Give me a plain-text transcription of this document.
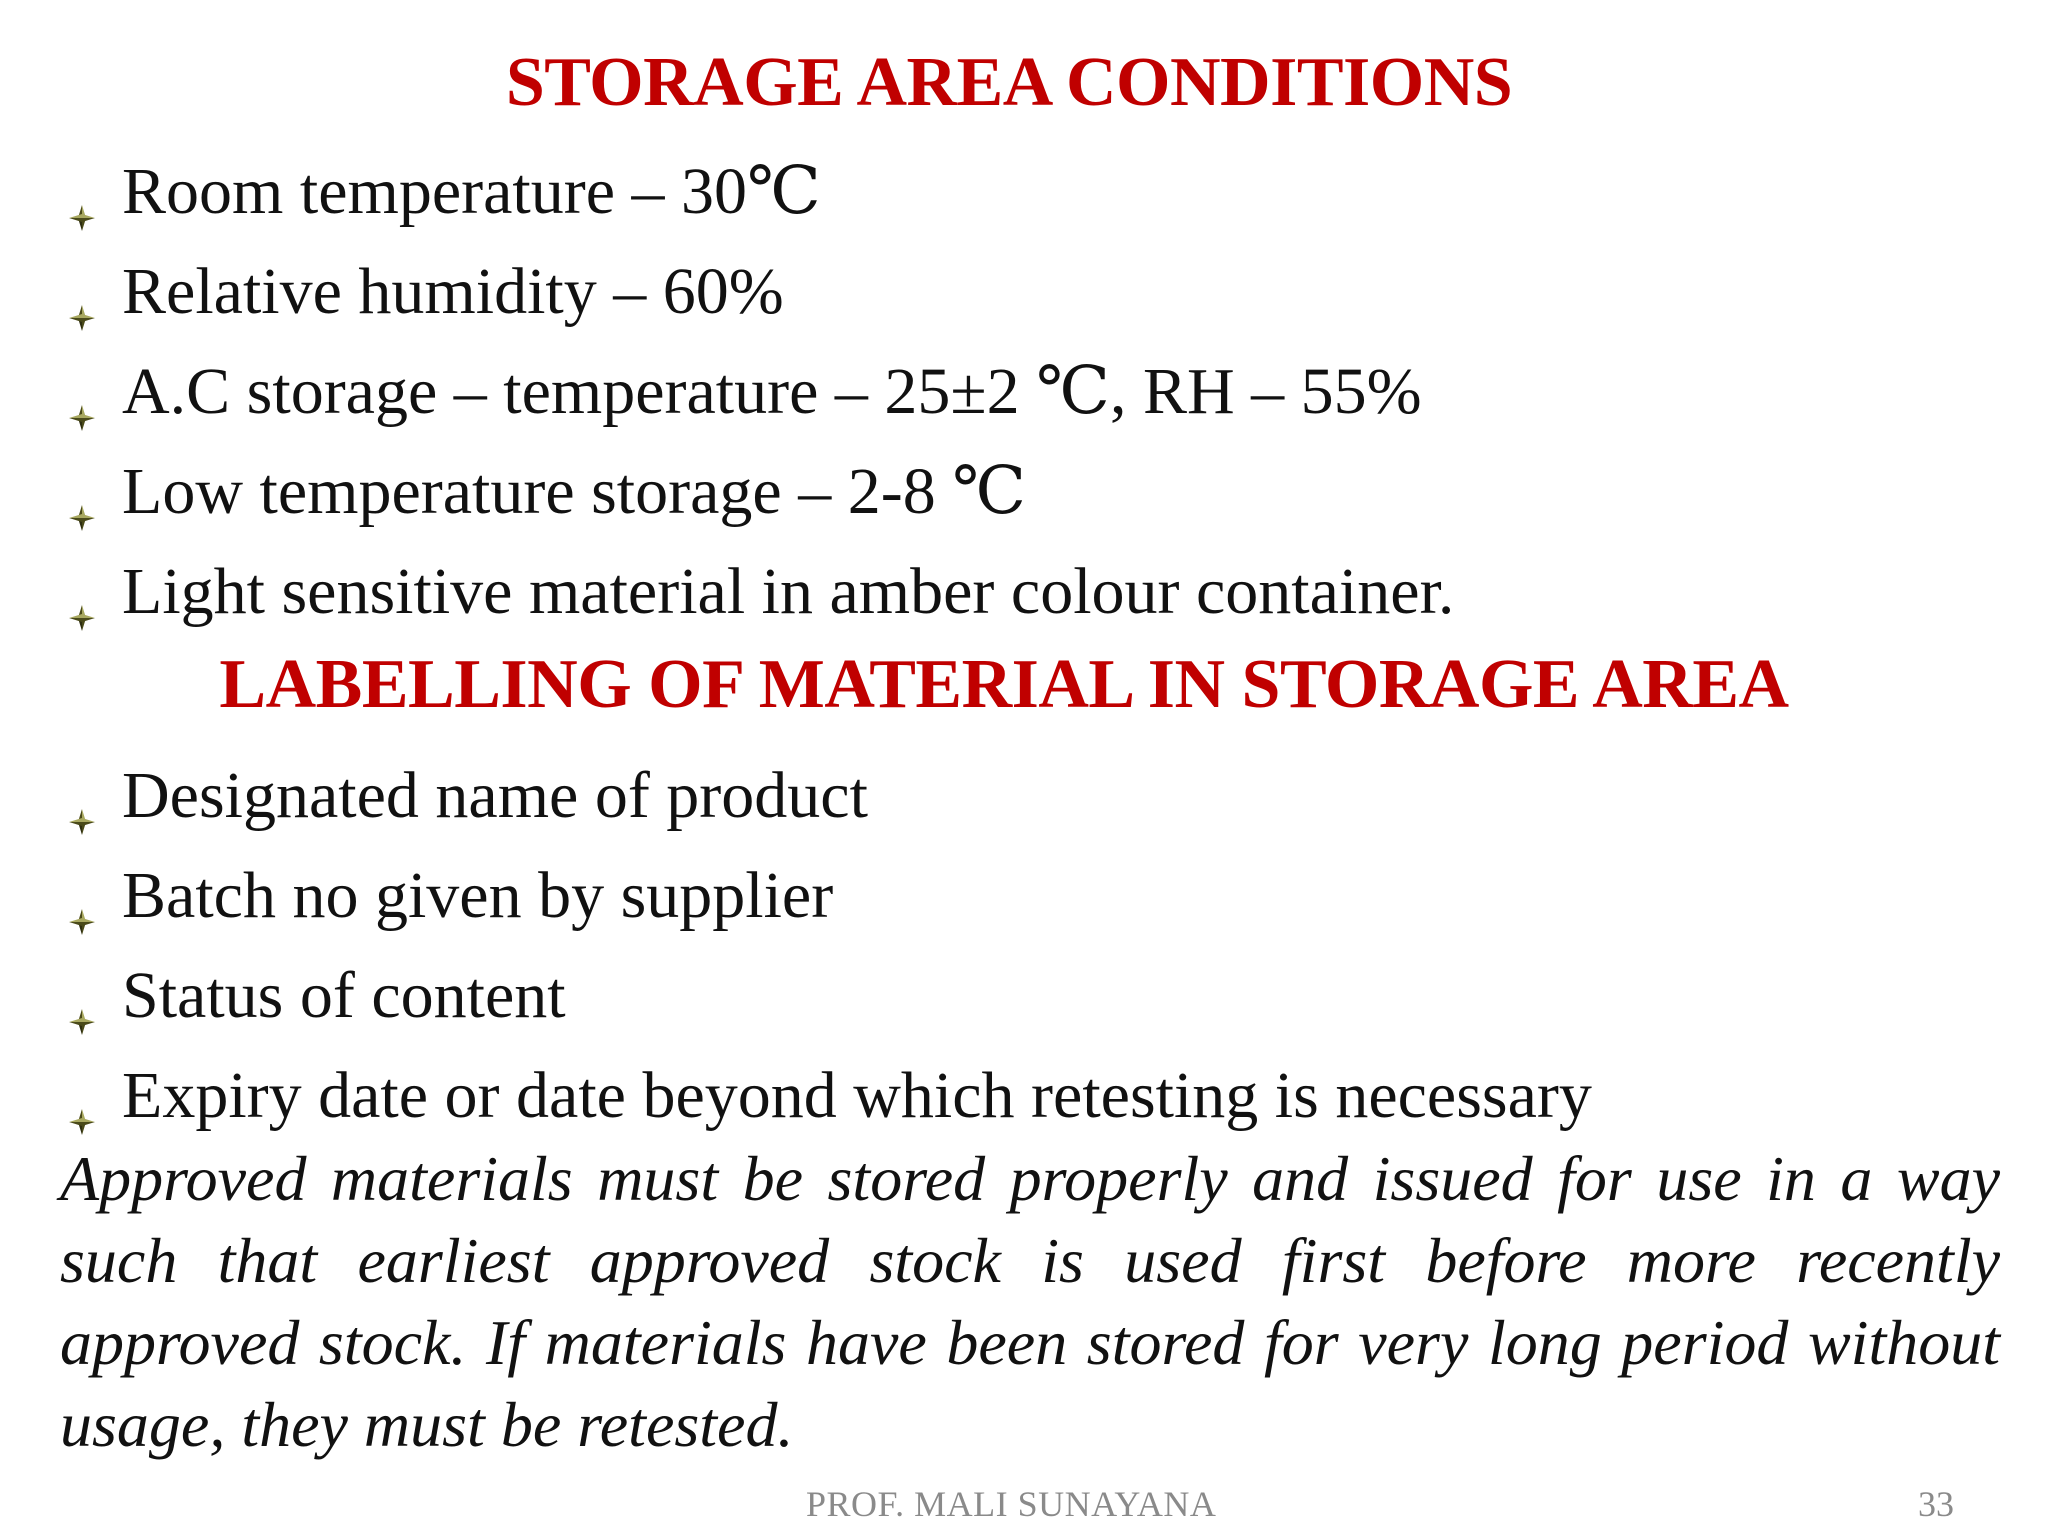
STORAGE AREA CONDITIONS
Room temperature – 30℃
Relative humidity – 60%
A.C storage – temperature – 25±2 ℃, RH – 55%
Low temperature storage – 2-8 ℃
Light sensitive material in amber colour container.
LABELLING OF MATERIAL IN STORAGE AREA
Designated name of product
Batch no given by supplier
Status of content
Expiry date or date beyond which retesting is necessary

Approved materials must be stored properly and issued for use in a way such that earliest approved stock is used first before more recently approved stock. If materials have been stored for very long period without usage, they must be retested.

PROF. MALI SUNAYANA	33
